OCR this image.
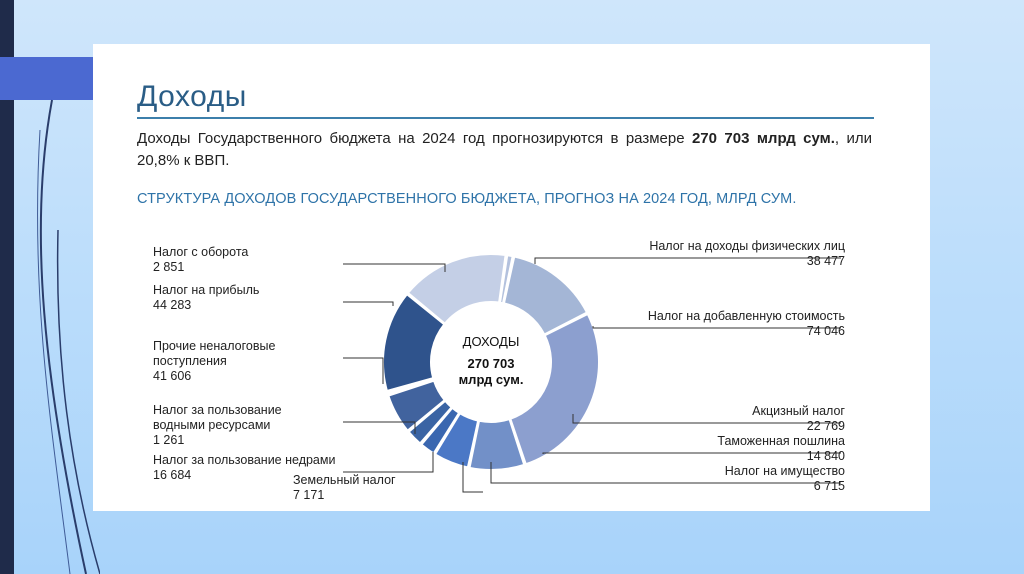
Доходы
Доходы Государственного бюджета на 2024 год прогнозируются в размере 270 703 млрд сум., или 20,8% к ВВП.
СТРУКТУРА ДОХОДОВ ГОСУДАРСТВЕННОГО БЮДЖЕТА, ПРОГНОЗ НА 2024 ГОД, МЛРД СУМ.
Налог на доходы физических лиц
38 477
Налог на добавленную стоимость
74 046
Акцизный налог
22 769
Таможенная пошлина
14 840
Налог на имущество
6 715
Земельный налог
7 171
Налог за пользование недрами
16 684
Налог за пользование
водными ресурсами
1 261
Прочие неналоговые
поступления
41 606
Налог на прибыль
44 283
Налог с оборота
2 851
ДОХОДЫ
270 703
млрд сум.
